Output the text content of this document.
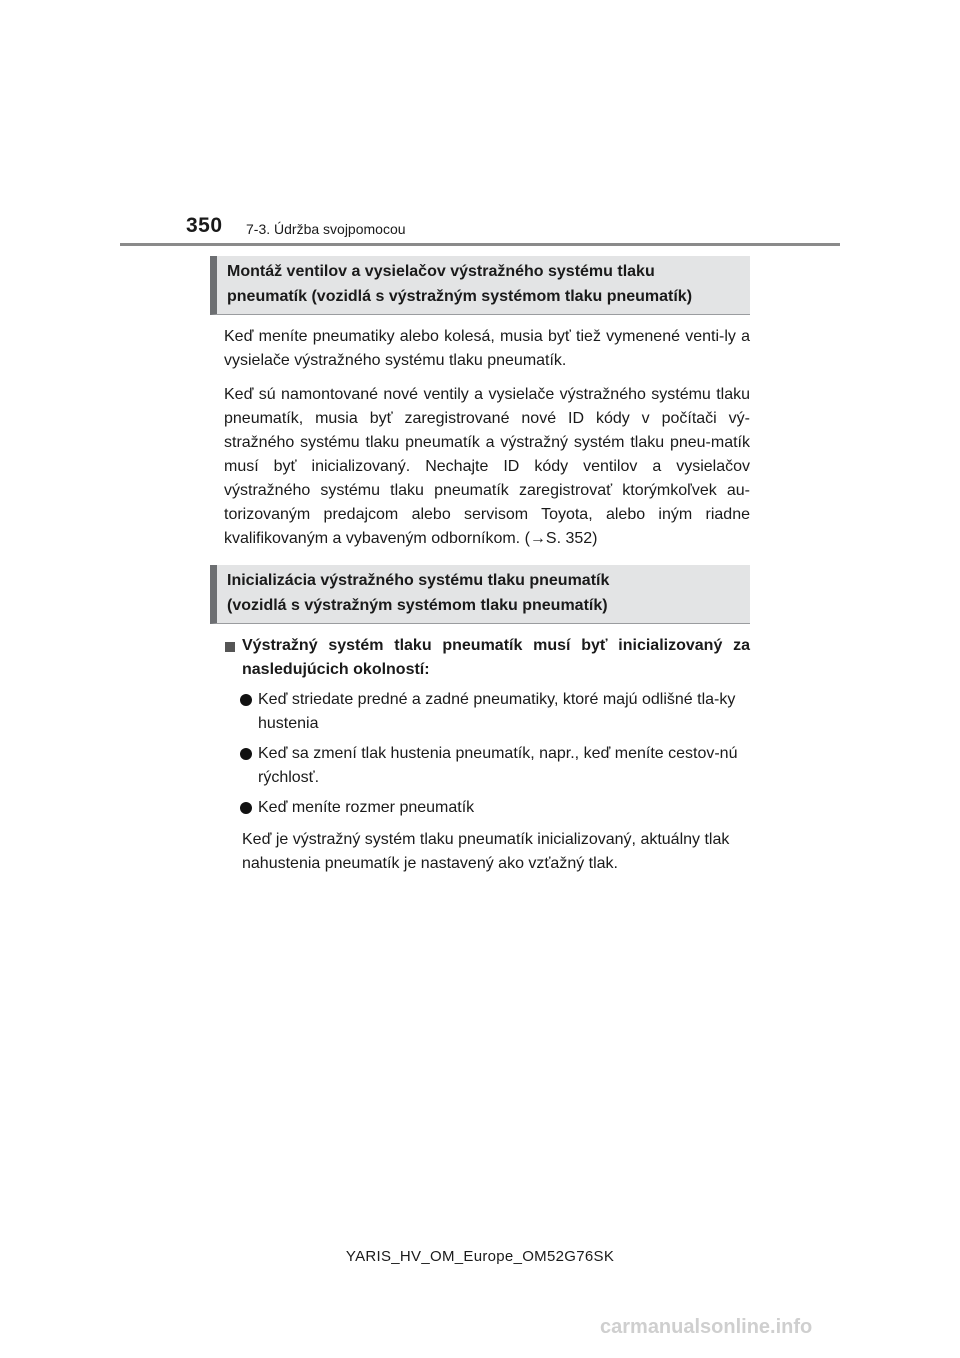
350 7-3. Údržba svojpomocou
Montáž ventilov a vysielačov výstražného systému tlaku
pneumatík (vozidlá s výstražným systémom tlaku pneumatík)

Keď meníte pneumatiky alebo kolesá, musia byť tiež vymenené venti-ly a vysielače výstražného systému tlaku pneumatík.

Keď sú namontované nové ventily a vysielače výstražného systému tlaku pneumatík, musia byť zaregistrované nové ID kódy v počítači vý-stražného systému tlaku pneumatík a výstražný systém tlaku pneu-matík musí byť inicializovaný. Nechajte ID kódy ventilov a vysielačov výstražného systému tlaku pneumatík zaregistrovať ktorýmkoľvek au-torizovaným predajcom alebo servisom Toyota, alebo iným riadne kvalifikovaným a vybaveným odborníkom. (→S. 352)

Inicializácia výstražného systému tlaku pneumatík
(vozidlá s výstražným systémom tlaku pneumatík)
Výstražný systém tlaku pneumatík musí byť inicializovaný za nasledujúcich okolností:
Keď striedate predné a zadné pneumatiky, ktoré majú odlišné tla-ky hustenia
Keď sa zmení tlak hustenia pneumatík, napr., keď meníte cestov-nú rýchlosť.
Keď meníte rozmer pneumatík
Keď je výstražný systém tlaku pneumatík inicializovaný, aktuálny tlak nahustenia pneumatík je nastavený ako vzťažný tlak.
YARIS_HV_OM_Europe_OM52G76SK
carmanualsonline.info
